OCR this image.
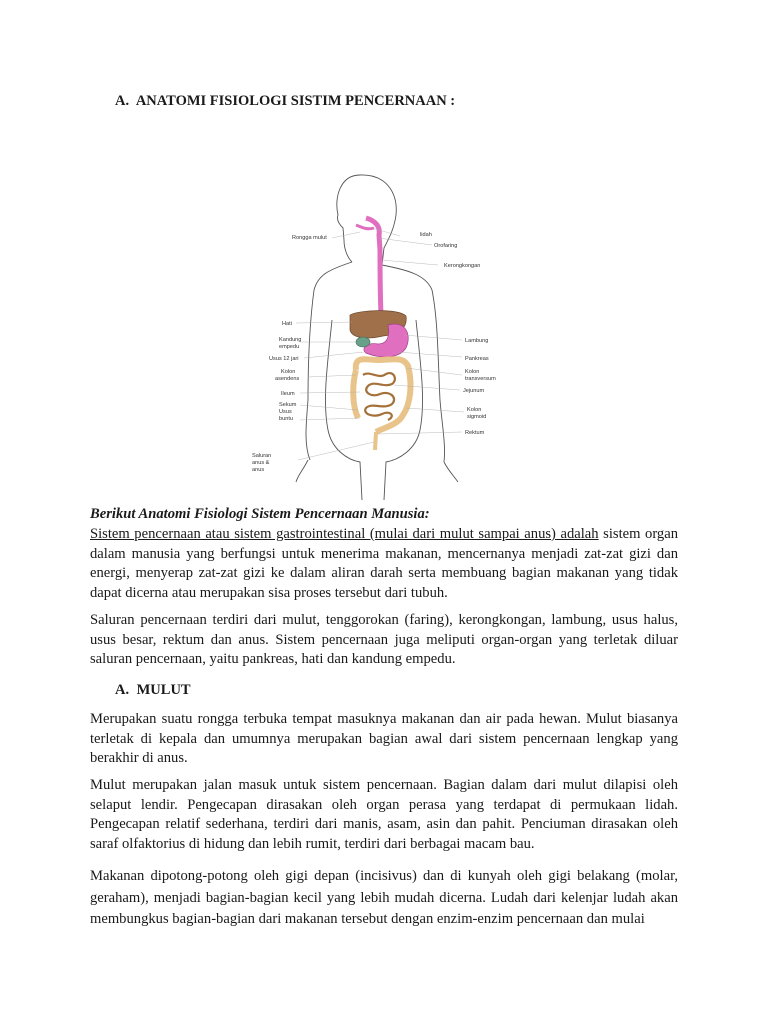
A. ANATOMI FISIOLOGI SISTIM PENCERNAAN :
Rongga mulut
Hati
Kandung
empedu
Usus 12 jari
Kolon
asendens
Ileum
Sekum
Usus
buntu
Saluran
anus &
anus
lidah
Orofaring
Kerongkongan
Lambung
Pankreas
Kolon
transversum
Jejunum
Kolon
sigmoid
Rektum
Berikut Anatomi Fisiologi Sistem Pencernaan Manusia:
Sistem pencernaan atau sistem gastrointestinal (mulai dari mulut sampai anus) adalah sistem organ dalam manusia yang berfungsi untuk menerima makanan, mencernanya menjadi zat-zat gizi dan energi, menyerap zat-zat gizi ke dalam aliran darah serta membuang bagian makanan yang tidak dapat dicerna atau merupakan sisa proses tersebut dari tubuh.
Saluran pencernaan terdiri dari mulut, tenggorokan (faring), kerongkongan, lambung, usus halus, usus besar, rektum dan anus. Sistem pencernaan juga meliputi organ-organ yang terletak diluar saluran pencernaan, yaitu pankreas, hati dan kandung empedu.
A. MULUT
Merupakan suatu rongga terbuka tempat masuknya makanan dan air pada hewan. Mulut biasanya terletak di kepala dan umumnya merupakan bagian awal dari sistem pencernaan lengkap yang berakhir di anus.
Mulut merupakan jalan masuk untuk sistem pencernaan. Bagian dalam dari mulut dilapisi oleh selaput lendir. Pengecapan dirasakan oleh organ perasa yang terdapat di permukaan lidah. Pengecapan relatif sederhana, terdiri dari manis, asam, asin dan pahit. Penciuman dirasakan oleh saraf olfaktorius di hidung dan lebih rumit, terdiri dari berbagai macam bau.
Makanan dipotong-potong oleh gigi depan (incisivus) dan di kunyah oleh gigi belakang (molar, geraham), menjadi bagian-bagian kecil yang lebih mudah dicerna. Ludah dari kelenjar ludah akan membungkus bagian-bagian dari makanan tersebut dengan enzim-enzim pencernaan dan mulai
